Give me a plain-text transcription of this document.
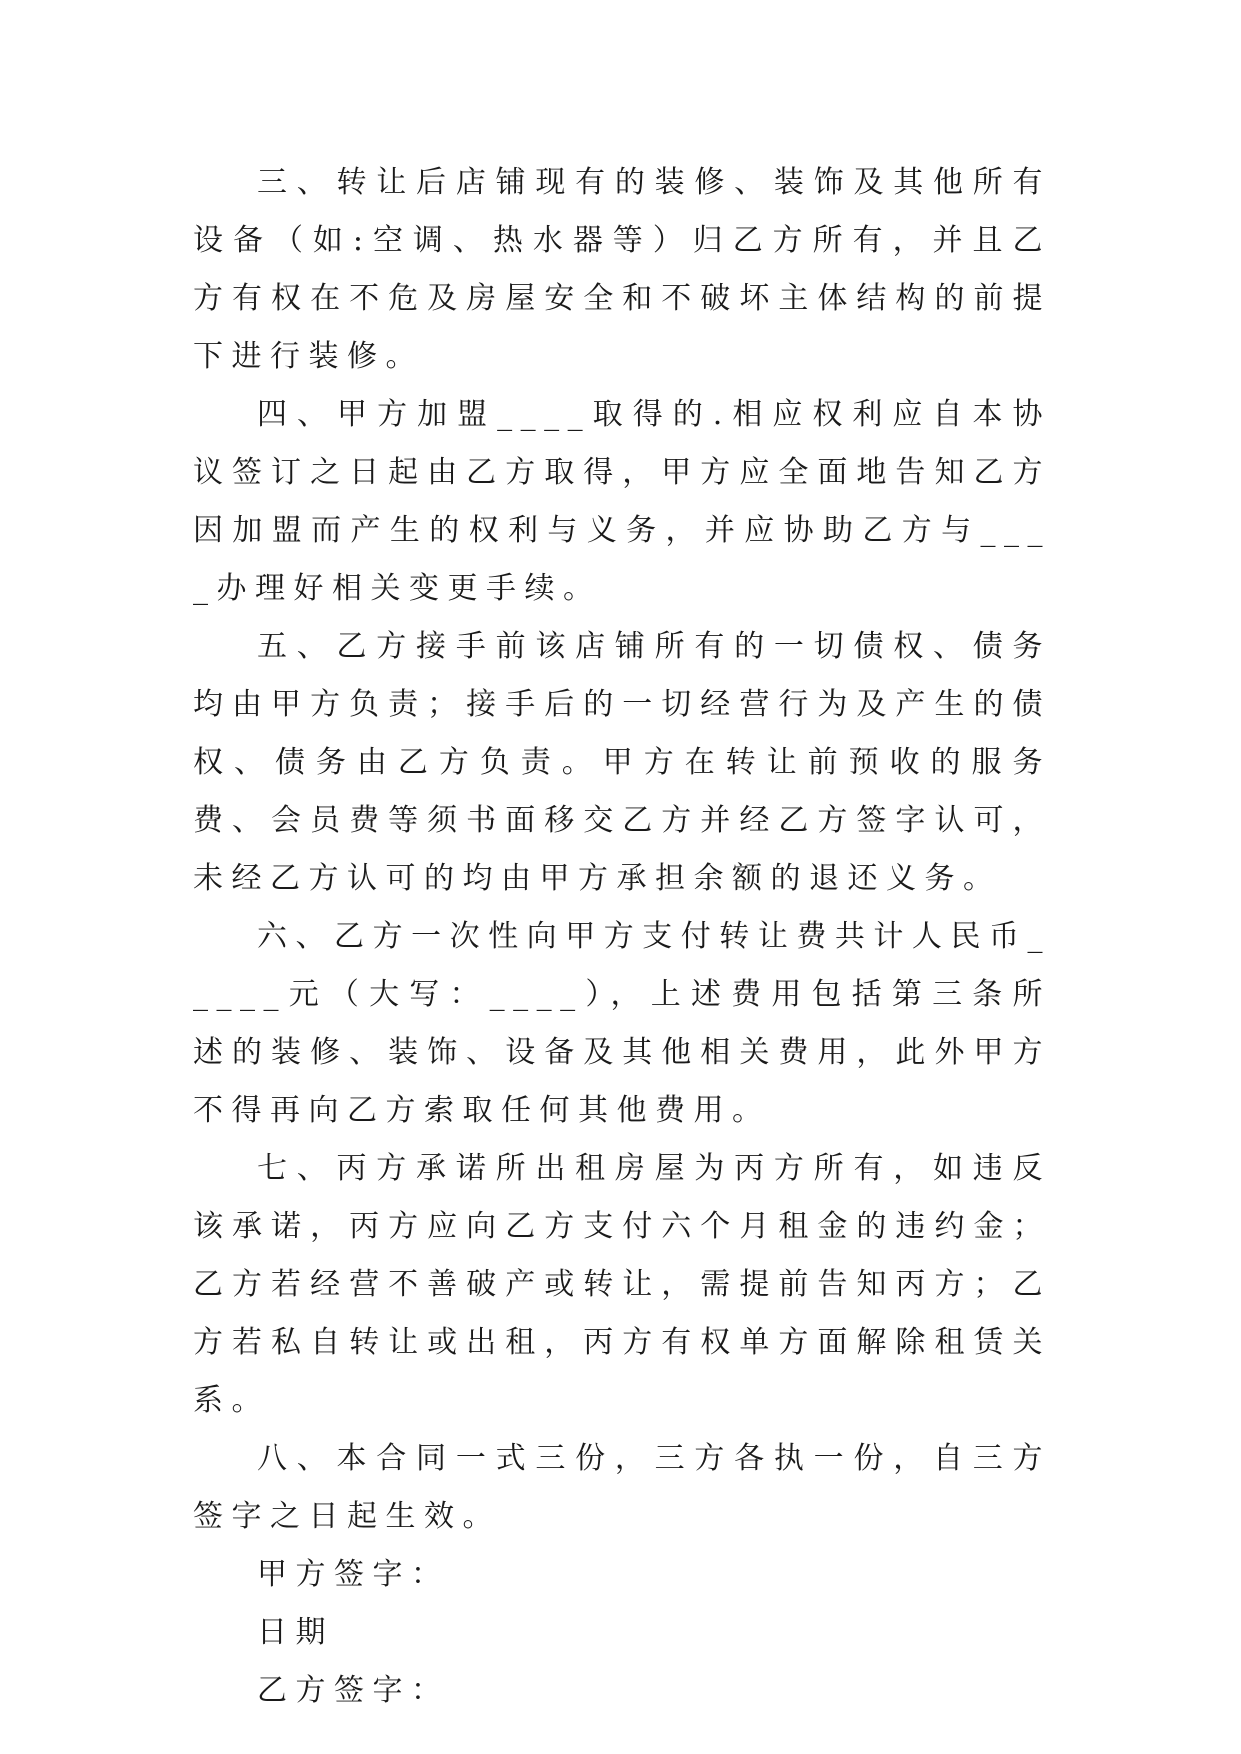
三、转让后店铺现有的装修、装饰及其他所有设备（如:空调、热水器等）归乙方所有，并且乙方有权在不危及房屋安全和不破坏主体结构的前提下进行装修。

四、甲方加盟____取得的.相应权利应自本协议签订之日起由乙方取得，甲方应全面地告知乙方因加盟而产生的权利与义务，并应协助乙方与____办理好相关变更手续。

五、乙方接手前该店铺所有的一切债权、债务均由甲方负责；接手后的一切经营行为及产生的债权、债务由乙方负责。甲方在转让前预收的服务费、会员费等须书面移交乙方并经乙方签字认可，未经乙方认可的均由甲方承担余额的退还义务。

六、乙方一次性向甲方支付转让费共计人民币_____元（大写：____），上述费用包括第三条所述的装修、装饰、设备及其他相关费用，此外甲方不得再向乙方索取任何其他费用。

七、丙方承诺所出租房屋为丙方所有，如违反该承诺，丙方应向乙方支付六个月租金的违约金；乙方若经营不善破产或转让，需提前告知丙方；乙方若私自转让或出租，丙方有权单方面解除租赁关系。

八、本合同一式三份，三方各执一份，自三方签字之日起生效。

甲方签字：

日期

乙方签字：
